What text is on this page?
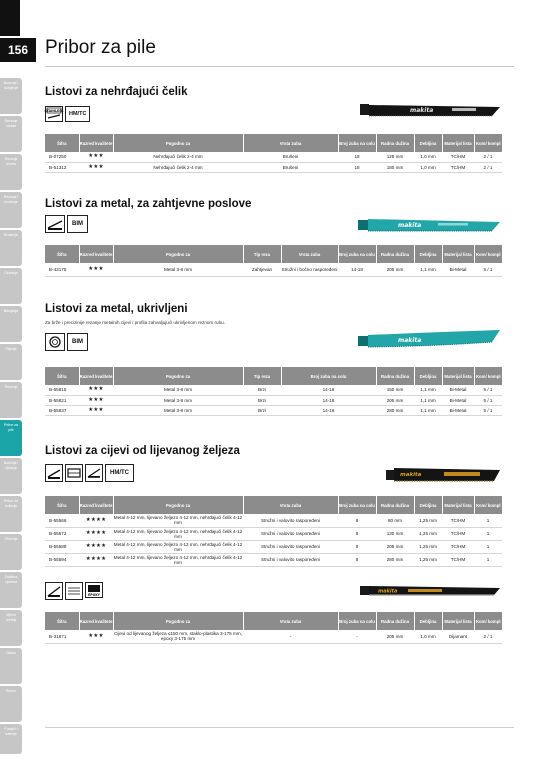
156 Pribor za pile
Bušenje i dubljenje
Rezanje metala
Rezanje drveta
Rezanje i brušenje
Brušenje
Glodanje
Blanjanje
Piljenje
Rezanje
Pribor za pile
Bušenje i vijčanje
Pribor za bušenje
Oštrenje
Zaštitna oprema
Mjerni uređaji
Ostalo
Razno
Punjači i baterije
Listovi za nehrđajući čelik
STAINLESS
HM/TC	makita
Šifra	Razred kvalitete	Pogodno za	Vrsta zuba	Broj zuba na colu	Radna dužina	Debljina	Materijal lista	Kom/ kompl
B-07250	★★★	Nehrđajući čelik 2-4 mm	Brušeni	18	128 mm	1,0 mm	TC/HM	2 / 1
B-51312	★★★	Nehrđajući čelik 2-4 mm	Brušeni	18	180 mm	1,0 mm	TC/HM	2 / 1
Listovi za metal, za zahtjevne poslove
BIM	makita
Šifra	Razred kvalitete	Pogodno za	Tip reza	Vrsta zuba	Broj zuba na colu	Radna dužina	Debljina	Materijal lista	Kom/ kompl
B-43175	★★★	Metal 3-8 mm	Zahtjevan	Stružni i bočno raspoređeni	14-18	205 mm	1,1 mm	Bi-Metal	5 / 1
Listovi za metal, ukrivljeni
Za brže i precizinije rezanje metalnih cijevi i profila zahvaljujući ukrivljenom reznom rubu.
BIM	makita
Šifra	Razred kvalitete	Pogodno za	Tip reza	Broj zuba na colu	Radna dužina	Debljina	Materijal lista	Kom/ kompl
B-55815	★★★	Metal 3-8 mm	Brzi	14-18	150 mm	1,1 mm	Bi-Metal	5 / 1
B-55821	★★★	Metal 3-8 mm	Brzi	14-18	205 mm	1,1 mm	Bi-Metal	5 / 1
B-55837	★★★	Metal 3-8 mm	Brzi	14-18	280 mm	1,1 mm	Bi-Metal	5 / 1
Listovi za cijevi od lijevanog željeza
HM/TC	makita
Šifra	Razred kvalitete	Pogodno za	Vrsta zuba	Broj zuba na colu	Radna dužina	Debljina	Materijal lista	Kom/ kompl
B-55566	★★★★	Metal 4-12 mm, lijevano željezo 4-12 mm, nehrđajući čelik 4-12 mm	Stružni i valovito raspoređeni	8	80 mm	1,25 mm	TC/HM	1
B-55572	★★★★	Metal 4-12 mm, lijevano željezo 4-12 mm, nehrđajući čelik 4-12 mm	Stružni i valovito raspoređeni	8	130 mm	1,25 mm	TC/HM	1
B-55588	★★★★	Metal 4-12 mm, lijevano željezo 4-12 mm, nehrđajući čelik 4-12 mm	Stružni i valovito raspoređeni	8	205 mm	1,25 mm	TC/HM	1
B-55594	★★★★	Metal 4-12 mm, lijevano željezo 4-12 mm, nehrđajući čelik 4-12 mm	Stružni i valovito raspoređeni	8	280 mm	1,25 mm	TC/HM	1
EPOXY
makita
Šifra	Razred kvalitete	Pogodno za	Vrsta zuba	Broj zuba na colu	Radna dužina	Debljina	Materijal lista	Kom/ kompl
B-31671	★★★	Cijevi od lijevanog željeza ≤150 mm, staklo-plastika 3-175 mm, epoxy 3-175 mm	-	-	205 mm	1,0 mm	Dijamant	2 / 1
